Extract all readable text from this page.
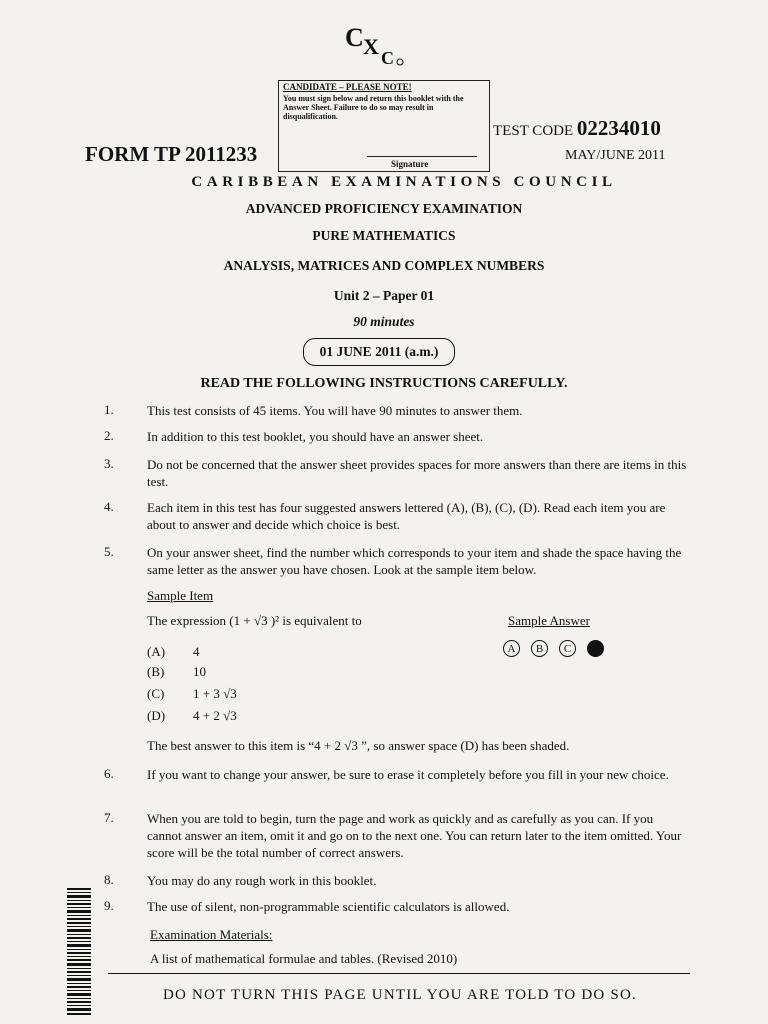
C X C
CANDIDATE – PLEASE NOTE!
You must sign below and return this booklet with the Answer Sheet. Failure to do so may result in disqualification.
Signature
FORM TP 2011233
TEST CODE 02234010
MAY/JUNE 2011
CARIBBEAN EXAMINATIONS COUNCIL
ADVANCED PROFICIENCY EXAMINATION
PURE MATHEMATICS
ANALYSIS, MATRICES AND COMPLEX NUMBERS
Unit 2 – Paper 01
90 minutes
01 JUNE 2011 (a.m.)
READ THE FOLLOWING INSTRUCTIONS CAREFULLY.
1.	This test consists of 45 items. You will have 90 minutes to answer them.
2.	In addition to this test booklet, you should have an answer sheet.
3.	Do not be concerned that the answer sheet provides spaces for more answers than there are items in this test.
4.	Each item in this test has four suggested answers lettered (A), (B), (C), (D). Read each item you are about to answer and decide which choice is best.
5.	On your answer sheet, find the number which corresponds to your item and shade the space having the same letter as the answer you have chosen. Look at the sample item below.
Sample Item
The expression (1 + √3 )² is equivalent to	Sample Answer
(A) 4
(B) 10
(C) 1 + 3 √3
(D) 4 + 2 √3
A	B	C
The best answer to this item is “4 + 2 √3 ”, so answer space (D) has been shaded.
6.	If you want to change your answer, be sure to erase it completely before you fill in your new choice.
7.	When you are told to begin, turn the page and work as quickly and as carefully as you can. If you cannot answer an item, omit it and go on to the next one. You can return later to the item omitted. Your score will be the total number of correct answers.
8.	You may do any rough work in this booklet.
9.	The use of silent, non-programmable scientific calculators is allowed.
Examination Materials:
A list of mathematical formulae and tables. (Revised 2010)
DO NOT TURN THIS PAGE UNTIL YOU ARE TOLD TO DO SO.
